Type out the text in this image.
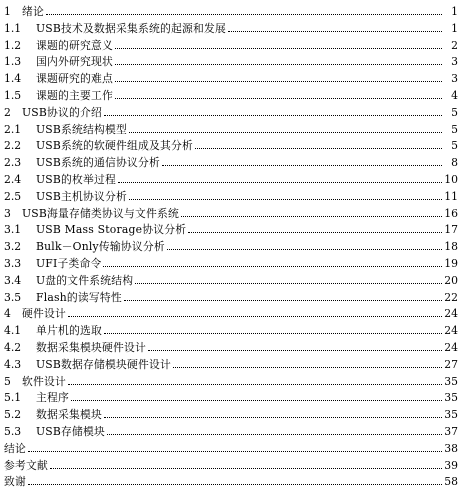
1	绪论	1
1.1	USB技术及数据采集系统的起源和发展	1
1.2	课题的研究意义	2
1.3	国内外研究现状	3
1.4	课题研究的难点	3
1.5	课题的主要工作	4
2	USB协议的介绍	5
2.1	USB系统结构模型	5
2.2	USB系统的软硬件组成及其分析	5
2.3	USB系统的通信协议分析	8
2.4	USB的枚举过程	10
2.5	USB主机协议分析	11
3	USB海量存储类协议与文件系统	16
3.1	USB Mass Storage协议分析	17
3.2	Bulk－Only传输协议分析	18
3.3	UFI子类命令	19
3.4	U盘的文件系统结构	20
3.5	Flash的读写特性	22
4	硬件设计	24
4.1	单片机的选取	24
4.2	数据采集模块硬件设计	24
4.3	USB数据存储模块硬件设计	27
5	软件设计	35
5.1	主程序	35
5.2	数据采集模块	35
5.3	USB存储模块	37
结论	38
参考文献	39
致谢	58
